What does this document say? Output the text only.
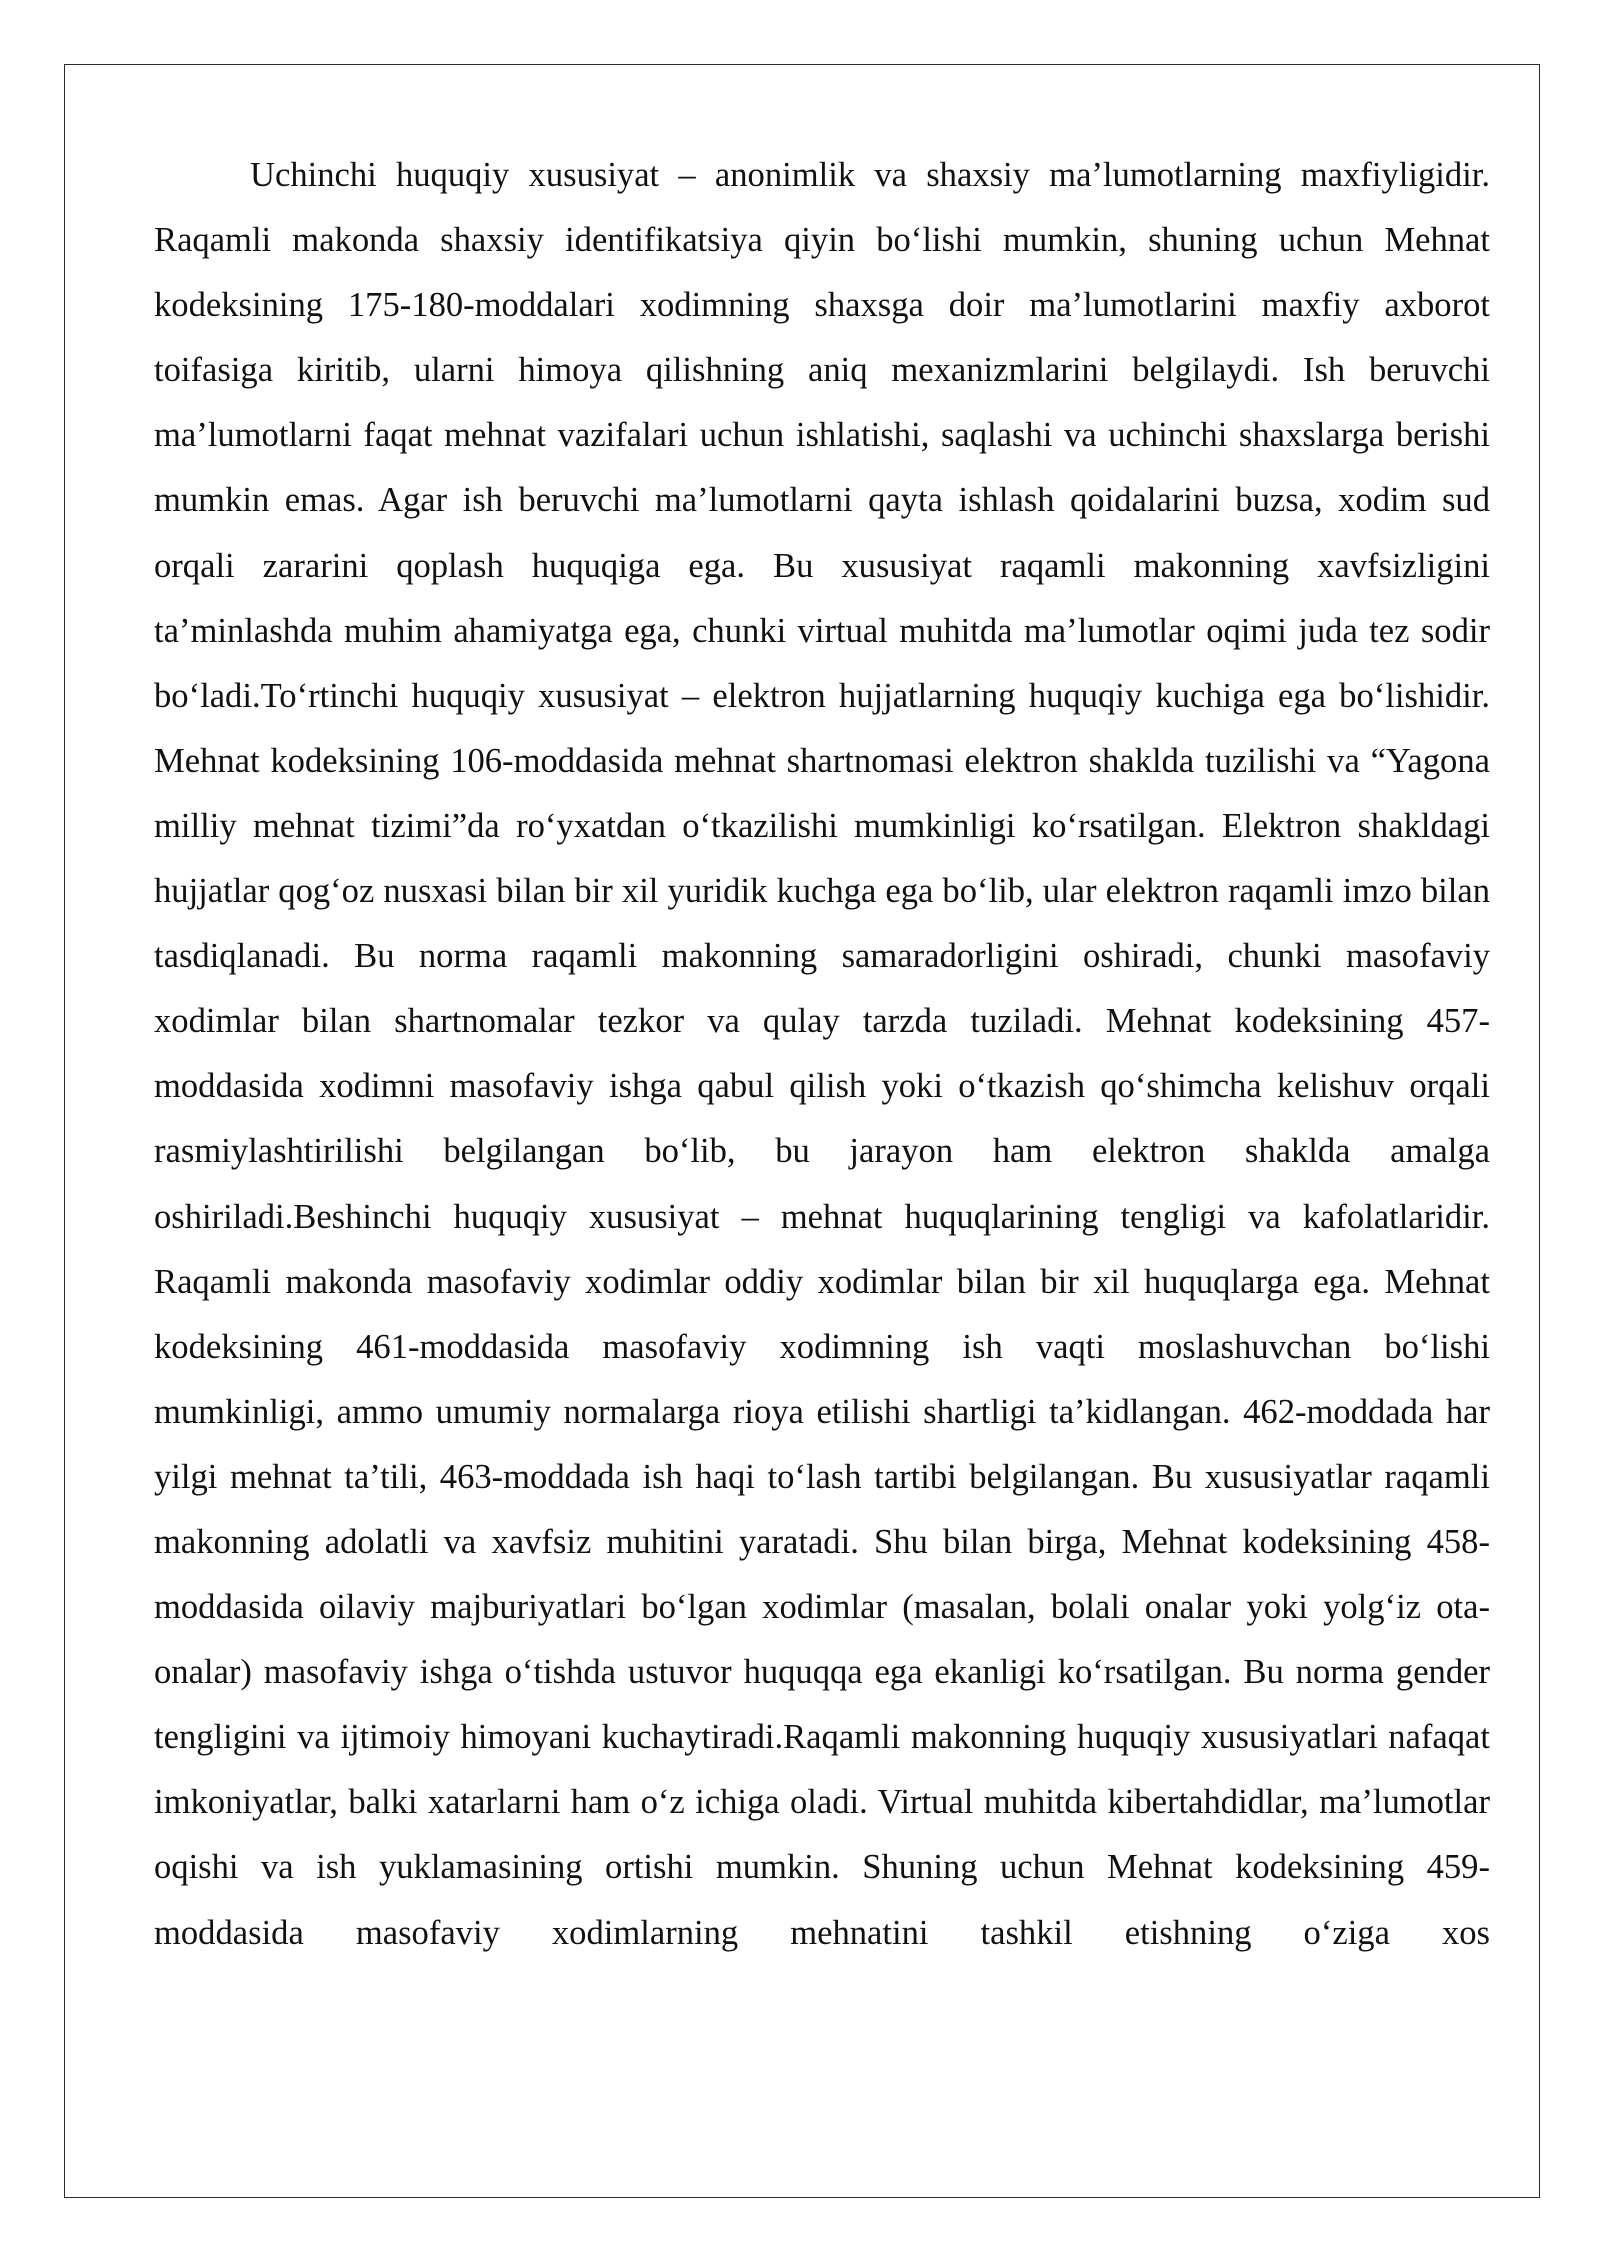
Uchinchi huquqiy xususiyat – anonimlik va shaxsiy ma’lumotlarning maxfiyligidir. Raqamli makonda shaxsiy identifikatsiya qiyin bo‘lishi mumkin, shuning uchun Mehnat kodeksining 175-180-moddalari xodimning shaxsga doir ma’lumotlarini maxfiy axborot toifasiga kiritib, ularni himoya qilishning aniq mexanizmlarini belgilaydi. Ish beruvchi ma’lumotlarni faqat mehnat vazifalari uchun ishlatishi, saqlashi va uchinchi shaxslarga berishi mumkin emas. Agar ish beruvchi ma’lumotlarni qayta ishlash qoidalarini buzsa, xodim sud orqali zararini qoplash huquqiga ega. Bu xususiyat raqamli makonning xavfsizligini ta’minlashda muhim ahamiyatga ega, chunki virtual muhitda ma’lumotlar oqimi juda tez sodir bo‘ladi.To‘rtinchi huquqiy xususiyat – elektron hujjatlarning huquqiy kuchiga ega bo‘lishidir. Mehnat kodeksining 106-moddasida mehnat shartnomasi elektron shaklda tuzilishi va “Yagona milliy mehnat tizimi”da ro‘yxatdan o‘tkazilishi mumkinligi ko‘rsatilgan. Elektron shakldagi hujjatlar qog‘oz nusxasi bilan bir xil yuridik kuchga ega bo‘lib, ular elektron raqamli imzo bilan tasdiqlanadi. Bu norma raqamli makonning samaradorligini oshiradi, chunki masofaviy xodimlar bilan shartnomalar tezkor va qulay tarzda tuziladi. Mehnat kodeksining 457-moddasida xodimni masofaviy ishga qabul qilish yoki o‘tkazish qo‘shimcha kelishuv orqali rasmiylashtirilishi belgilangan bo‘lib, bu jarayon ham elektron shaklda amalga oshiriladi.Beshinchi huquqiy xususiyat – mehnat huquqlarining tengligi va kafolatlaridir. Raqamli makonda masofaviy xodimlar oddiy xodimlar bilan bir xil huquqlarga ega. Mehnat kodeksining 461-moddasida masofaviy xodimning ish vaqti moslashuvchan bo‘lishi mumkinligi, ammo umumiy normalarga rioya etilishi shartligi ta’kidlangan. 462-moddada har yilgi mehnat ta’tili, 463-moddada ish haqi to‘lash tartibi belgilangan. Bu xususiyatlar raqamli makonning adolatli va xavfsiz muhitini yaratadi. Shu bilan birga, Mehnat kodeksining 458-moddasida oilaviy majburiyatlari bo‘lgan xodimlar (masalan, bolali onalar yoki yolg‘iz ota-onalar) masofaviy ishga o‘tishda ustuvor huquqqa ega ekanligi ko‘rsatilgan. Bu norma gender tengligini va ijtimoiy himoyani kuchaytiradi.Raqamli makonning huquqiy xususiyatlari nafaqat imkoniyatlar, balki xatarlarni ham o‘z ichiga oladi. Virtual muhitda kibertahdidlar, ma’lumotlar oqishi va ish yuklamasining ortishi mumkin. Shuning uchun Mehnat kodeksining 459-moddasida masofaviy xodimlarning mehnatini tashkil etishning o‘ziga xos
